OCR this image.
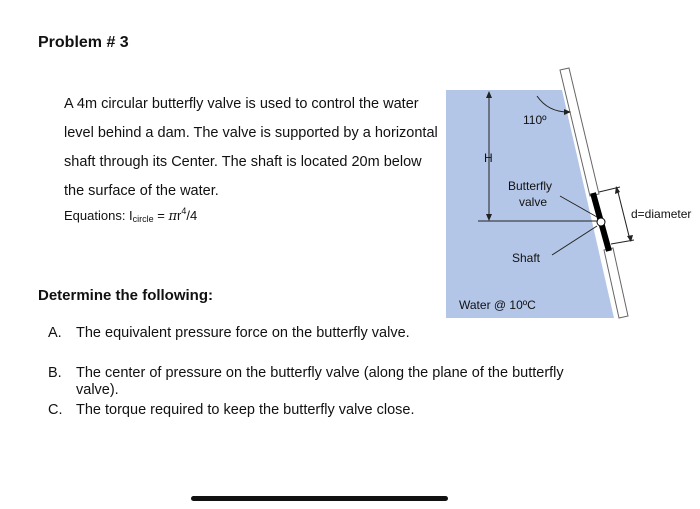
110º
H
Butterfly
valve
Shaft
Water @ 10ºC
d=diameter
Problem # 3
A 4m circular butterfly valve is used to control the water level behind a dam. The valve is supported by a horizontal shaft through its Center. The shaft is located 20m below the surface of the water.
Equations: $I_{circle} = \pi r^4/4$
Determine the following:
A. The equivalent pressure force on the butterfly valve.
B. The center of pressure on the butterfly valve (along the plane of the butterfly valve).
C. The torque required to keep the butterfly valve close.
